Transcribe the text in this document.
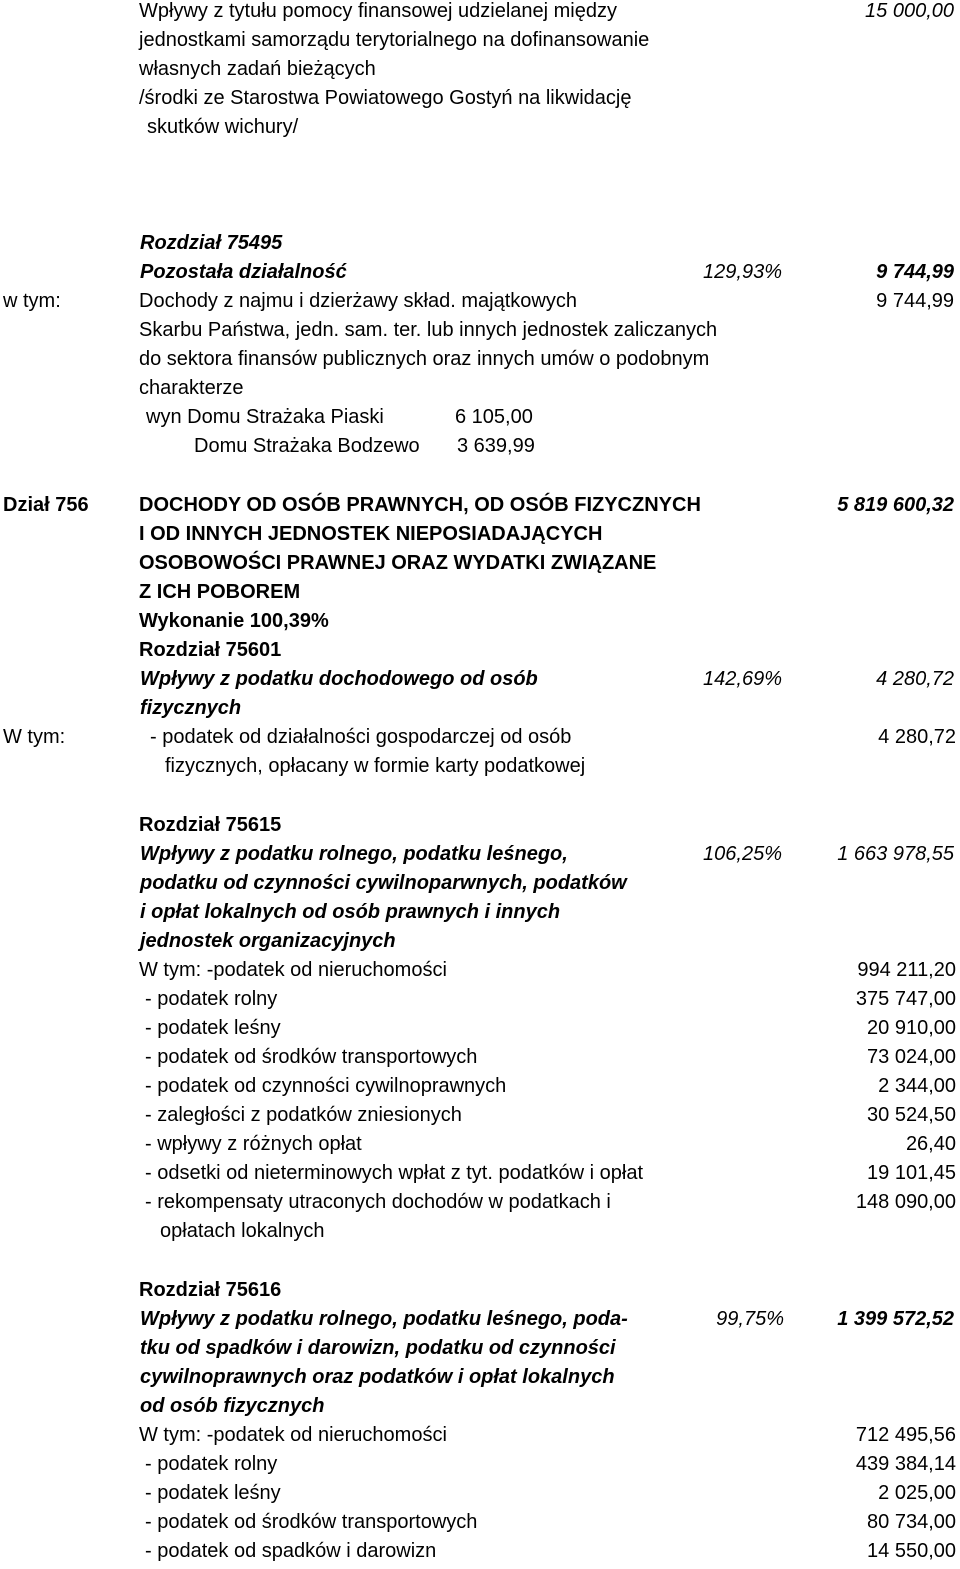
Wpływy z tytułu pomocy finansowej udzielanej między
jednostkami samorządu terytorialnego na dofinansowanie
własnych zadań bieżących
/środki ze Starostwa Powiatowego Gostyń na likwidację
skutków wichury/
15 000,00
Rozdział 75495
Pozostała działalność	129,93%	9 744,99
w tym:	Dochody z najmu i dzierżawy skład. majątkowych	9 744,99
Skarbu Państwa, jedn. sam. ter. lub innych jednostek zaliczanych
do sektora finansów publicznych oraz innych umów o podobnym
charakterze
wyn Domu Strażaka Piaski	6 105,00
Domu Strażaka Bodzewo 3 639,99
Dział 756	DOCHODY OD OSÓB PRAWNYCH, OD OSÓB FIZYCZNYCH	5 819 600,32
I OD INNYCH JEDNOSTEK NIEPOSIADAJĄCYCH
OSOBOWOŚCI PRAWNEJ ORAZ WYDATKI ZWIĄZANE
Z ICH POBOREM
Wykonanie 100,39%
Rozdział 75601
Wpływy z podatku dochodowego od osób	142,69%	4 280,72
fizycznych
W tym:	- podatek od działalności gospodarczej od osób	4 280,72
fizycznych, opłacany w formie karty podatkowej
Rozdział 75615
Wpływy z podatku rolnego, podatku leśnego,	106,25%	1 663 978,55
podatku od czynności cywilnoparwnych, podatków
i opłat lokalnych od osób prawnych i innych
jednostek organizacyjnych
W tym: -podatek od nieruchomości	994 211,20
- podatek rolny	375 747,00
- podatek leśny	20 910,00
- podatek od środków transportowych	73 024,00
- podatek od czynności cywilnoprawnych	2 344,00
- zaległości z podatków zniesionych	30 524,50
- wpływy z różnych opłat	26,40
- odsetki od nieterminowych wpłat z tyt. podatków i opłat	19 101,45
- rekompensaty utraconych dochodów w podatkach i	148 090,00
opłatach lokalnych
Rozdział 75616
Wpływy z podatku rolnego, podatku leśnego, poda-	99,75%	1 399 572,52
tku od spadków i darowizn, podatku od czynności
cywilnoprawnych oraz podatków i opłat lokalnych
od osób fizycznych
W tym: -podatek od nieruchomości	712 495,56
- podatek rolny	439 384,14
- podatek leśny	2 025,00
- podatek od środków transportowych	80 734,00
- podatek od spadków i darowizn	14 550,00
